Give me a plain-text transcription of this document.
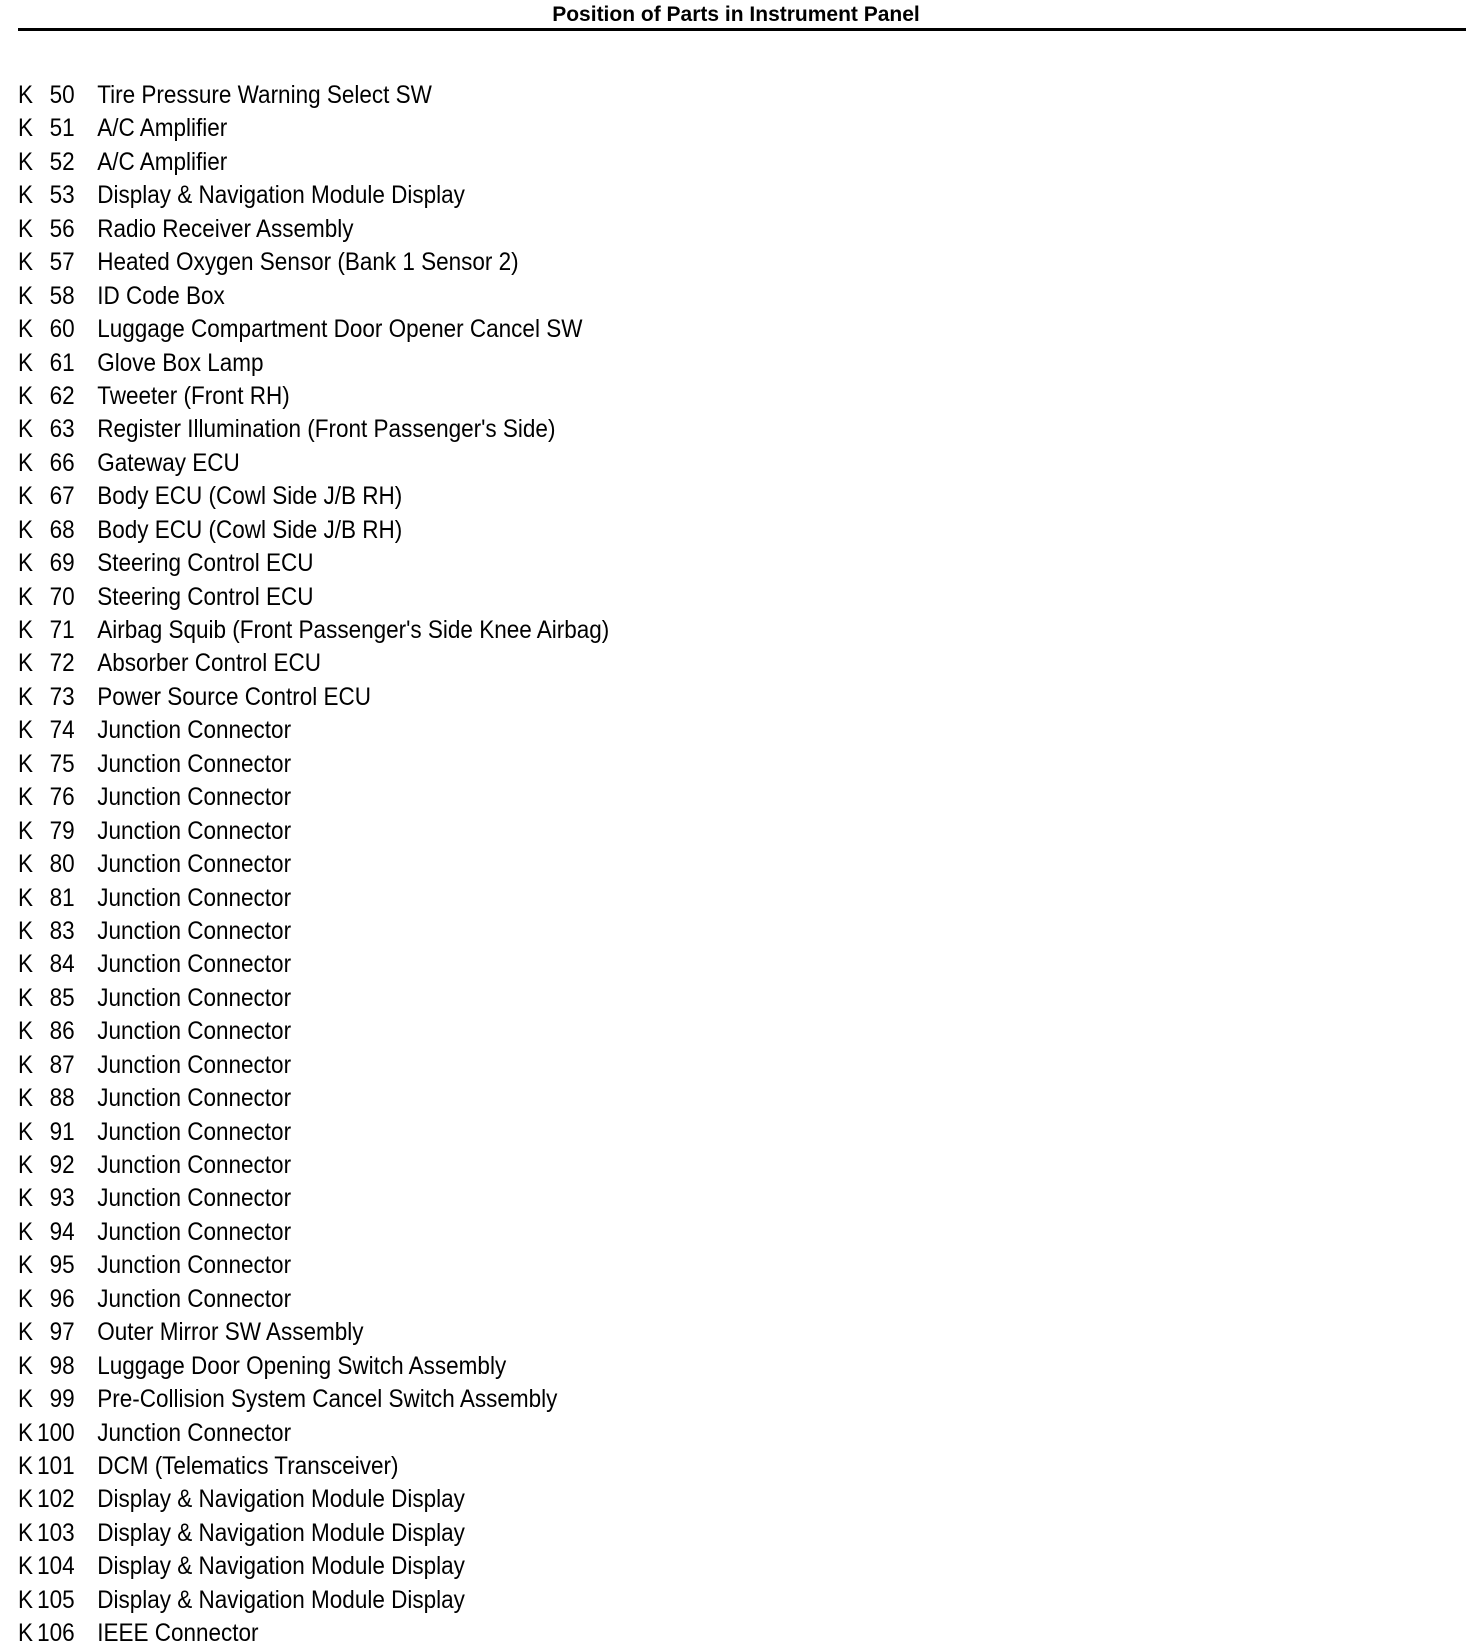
Position of Parts in Instrument Panel
K 50 Tire Pressure Warning Select SW
K 51 A/C Amplifier
K 52 A/C Amplifier
K 53 Display & Navigation Module Display
K 56 Radio Receiver Assembly
K 57 Heated Oxygen Sensor (Bank 1 Sensor 2)
K 58 ID Code Box
K 60 Luggage Compartment Door Opener Cancel SW
K 61 Glove Box Lamp
K 62 Tweeter (Front RH)
K 63 Register Illumination (Front Passenger's Side)
K 66 Gateway ECU
K 67 Body ECU (Cowl Side J/B RH)
K 68 Body ECU (Cowl Side J/B RH)
K 69 Steering Control ECU
K 70 Steering Control ECU
K 71 Airbag Squib (Front Passenger's Side Knee Airbag)
K 72 Absorber Control ECU
K 73 Power Source Control ECU
K 74 Junction Connector
K 75 Junction Connector
K 76 Junction Connector
K 79 Junction Connector
K 80 Junction Connector
K 81 Junction Connector
K 83 Junction Connector
K 84 Junction Connector
K 85 Junction Connector
K 86 Junction Connector
K 87 Junction Connector
K 88 Junction Connector
K 91 Junction Connector
K 92 Junction Connector
K 93 Junction Connector
K 94 Junction Connector
K 95 Junction Connector
K 96 Junction Connector
K 97 Outer Mirror SW Assembly
K 98 Luggage Door Opening Switch Assembly
K 99 Pre-Collision System Cancel Switch Assembly
K 100 Junction Connector
K 101 DCM (Telematics Transceiver)
K 102 Display & Navigation Module Display
K 103 Display & Navigation Module Display
K 104 Display & Navigation Module Display
K 105 Display & Navigation Module Display
K 106 IEEE Connector
